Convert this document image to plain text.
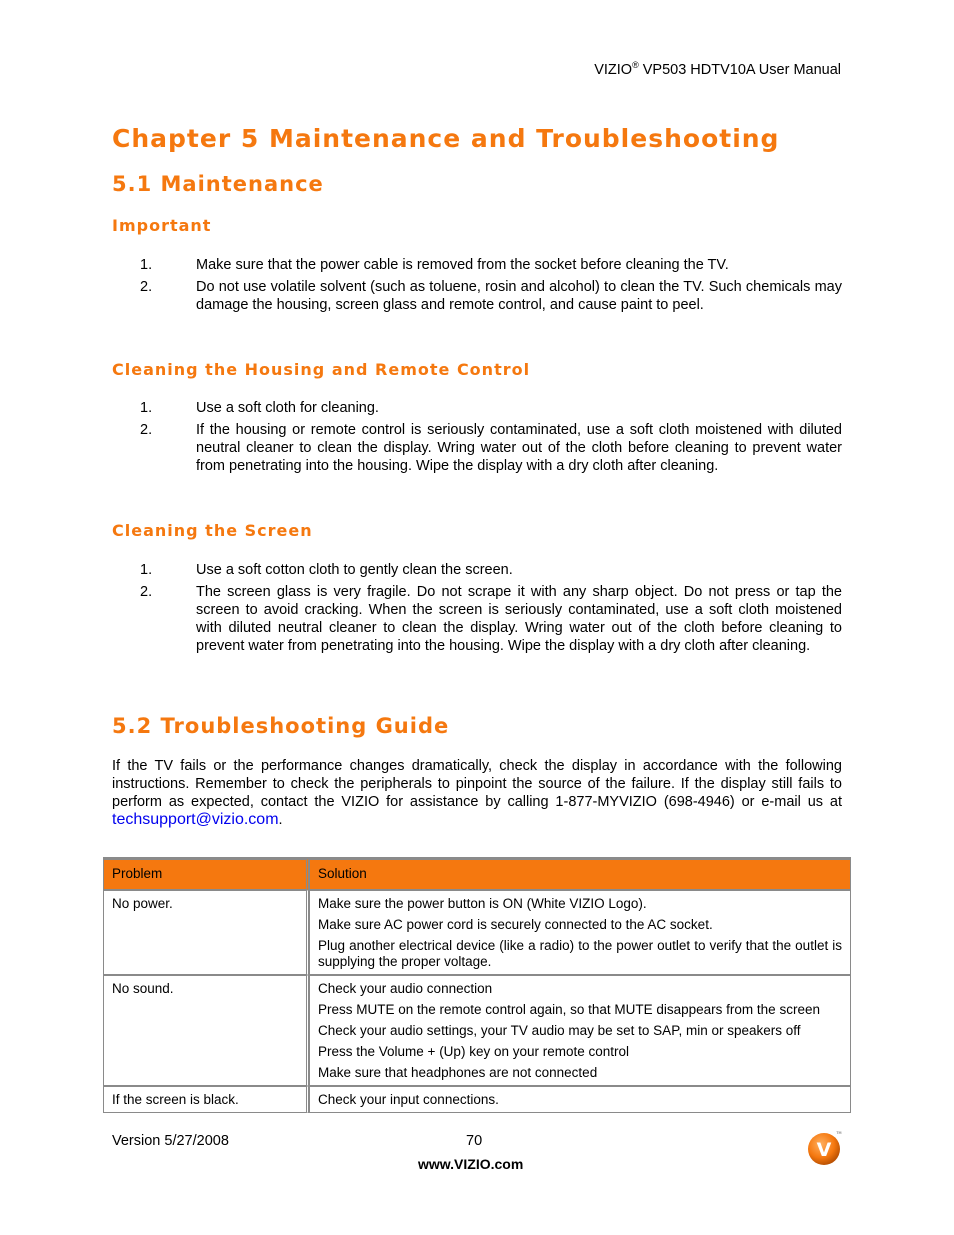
VIZIO® VP503 HDTV10A User Manual
Chapter 5 Maintenance and Troubleshooting
5.1 Maintenance
Important
1.	Make sure that the power cable is removed from the socket before cleaning the TV.
2.	Do not use volatile solvent (such as toluene, rosin and alcohol) to clean the TV. Such chemicals may damage the housing, screen glass and remote control, and cause paint to peel.
Cleaning the Housing and Remote Control
1.	Use a soft cloth for cleaning.
2.	If the housing or remote control is seriously contaminated, use a soft cloth moistened with diluted neutral cleaner to clean the display. Wring water out of the cloth before cleaning to prevent water from penetrating into the housing. Wipe the display with a dry cloth after cleaning.
Cleaning the Screen
1.	Use a soft cotton cloth to gently clean the screen.
2.	The screen glass is very fragile. Do not scrape it with any sharp object. Do not press or tap the screen to avoid cracking. When the screen is seriously contaminated, use a soft cloth moistened with diluted neutral cleaner to clean the display. Wring water out of the cloth before cleaning to prevent water from penetrating into the housing. Wipe the display with a dry cloth after cleaning.
5.2 Troubleshooting Guide

If the TV fails or the performance changes dramatically, check the display in accordance with the following instructions. Remember to check the peripherals to pinpoint the source of the failure. If the display still fails to perform as expected, contact the VIZIO for assistance by calling 1-877-MYVIZIO (698-4946) or e-mail us at techsupport@vizio.com.

Problem	Solution
No power.	Make sure the power button is ON (White VIZIO Logo).
Make sure AC power cord is securely connected to the AC socket.
Plug another electrical device (like a radio) to the power outlet to verify that the outlet is supplying the proper voltage.

No sound.	Check your audio connection
Press MUTE on the remote control again, so that MUTE disappears from the screen
Check your audio settings, your TV audio may be set to SAP, min or speakers off
Press the Volume + (Up) key on your remote control
Make sure that headphones are not connected

If the screen is black.	Check your input connections.
Version 5/27/2008	70
www.VIZIO.com
V
TM
